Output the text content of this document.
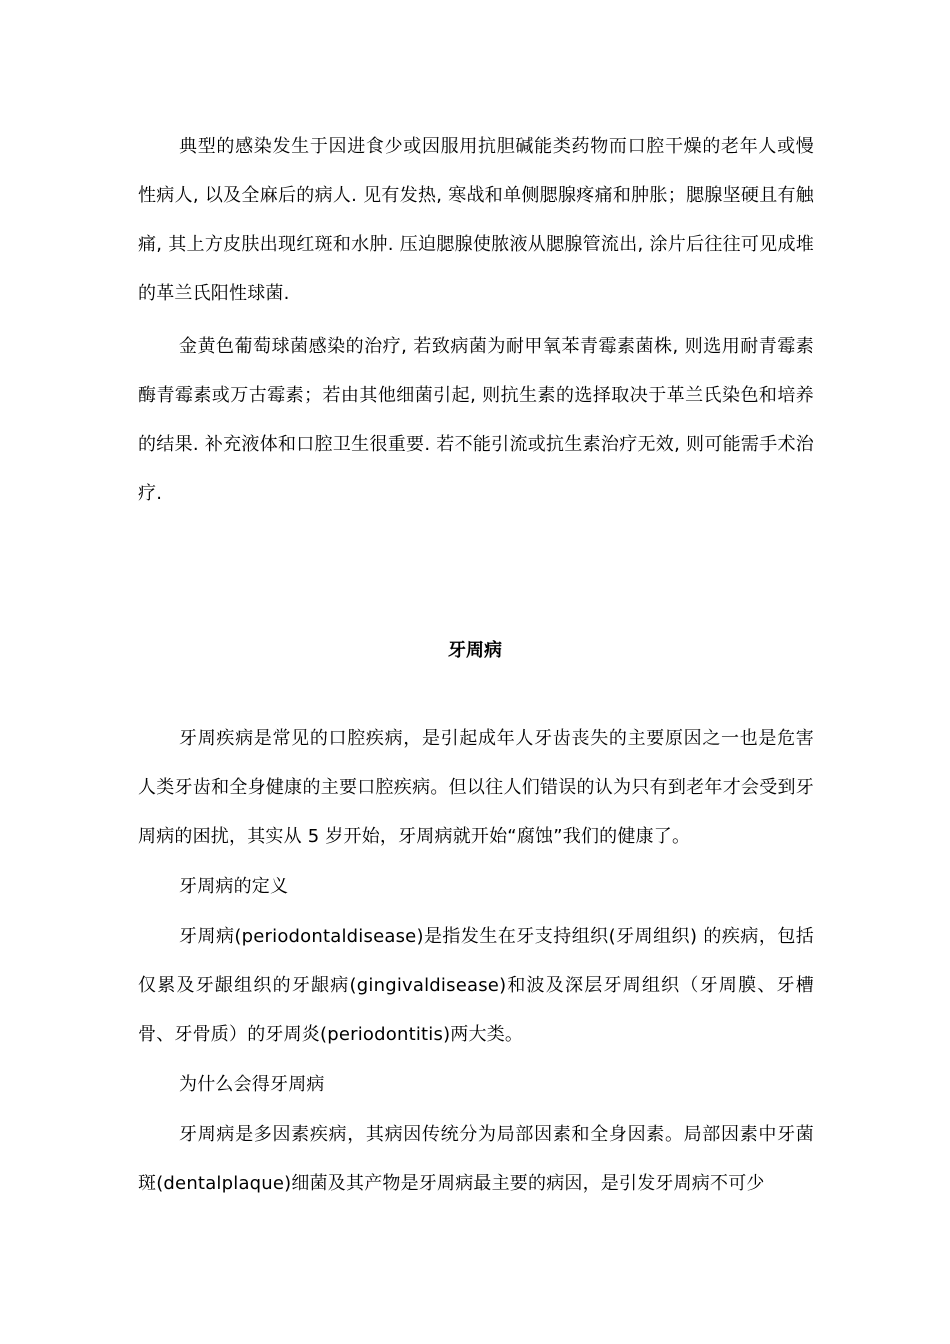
典型的感染发生于因进食少或因服用抗胆碱能类药物而口腔干燥的老年人或慢性病人, 以及全麻后的病人. 见有发热, 寒战和单侧腮腺疼痛和肿胀；腮腺坚硬且有触痛, 其上方皮肤出现红斑和水肿. 压迫腮腺使脓液从腮腺管流出, 涂片后往往可见成堆的革兰氏阳性球菌.

金黄色葡萄球菌感染的治疗, 若致病菌为耐甲氧苯青霉素菌株, 则选用耐青霉素酶青霉素或万古霉素；若由其他细菌引起, 则抗生素的选择取决于革兰氏染色和培养的结果. 补充液体和口腔卫生很重要. 若不能引流或抗生素治疗无效, 则可能需手术治疗.

牙周病

牙周疾病是常见的口腔疾病，是引起成年人牙齿丧失的主要原因之一也是危害人类牙齿和全身健康的主要口腔疾病。但以往人们错误的认为只有到老年才会受到牙周病的困扰，其实从 5 岁开始，牙周病就开始“腐蚀”我们的健康了。

牙周病的定义

牙周病(periodontaldisease)是指发生在牙支持组织(牙周组织) 的疾病，包括仅累及牙龈组织的牙龈病(gingivaldisease)和波及深层牙周组织（牙周膜、牙槽骨、牙骨质）的牙周炎(periodontitis)两大类。

为什么会得牙周病

牙周病是多因素疾病，其病因传统分为局部因素和全身因素。局部因素中牙菌斑(dentalplaque)细菌及其产物是牙周病最主要的病因，是引发牙周病不可少
